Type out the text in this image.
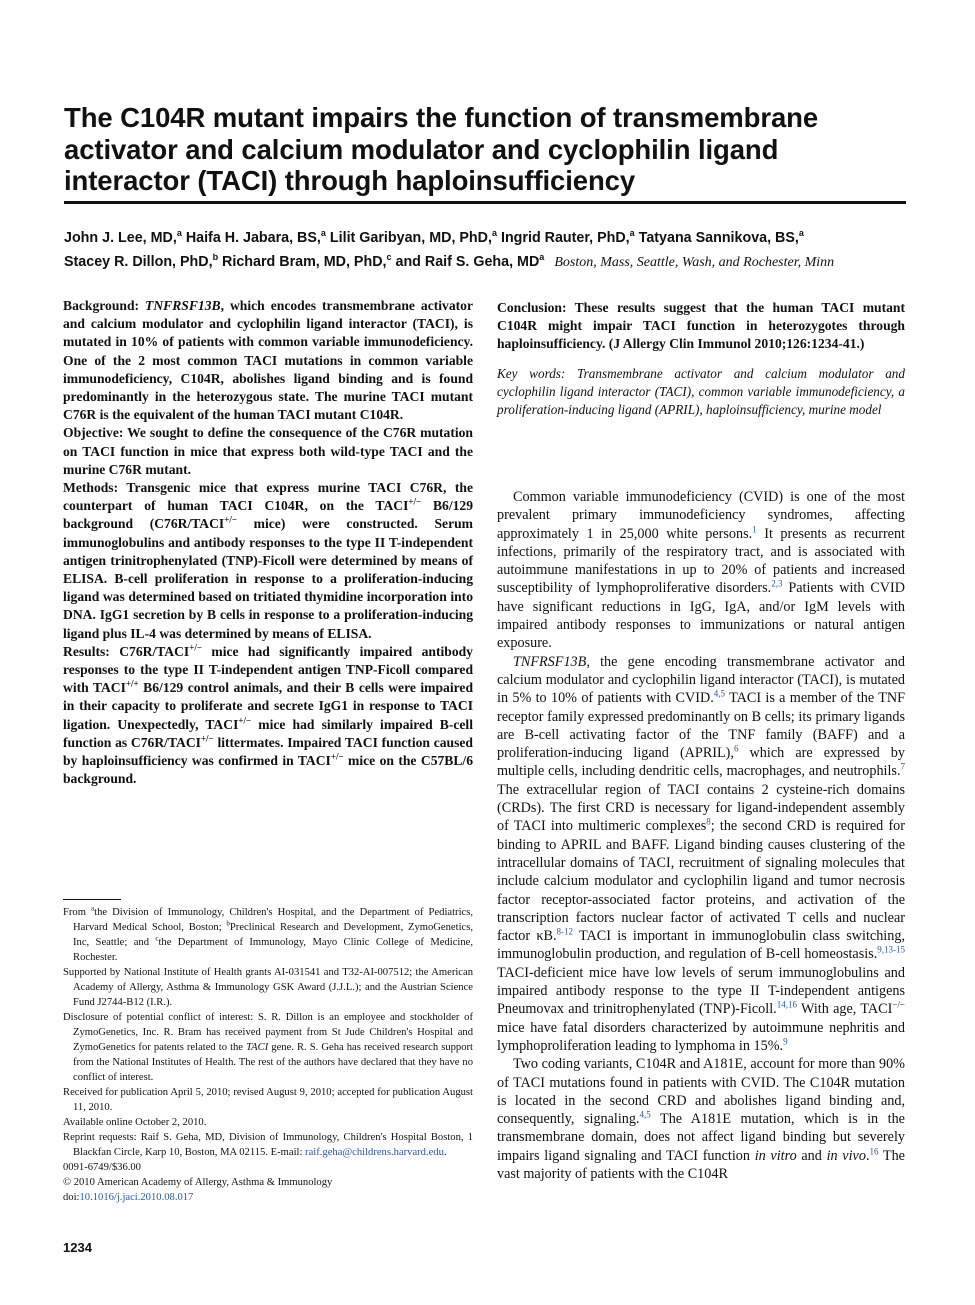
The C104R mutant impairs the function of transmembrane activator and calcium modulator and cyclophilin ligand interactor (TACI) through haploinsufficiency
John J. Lee, MD,$^a$ Haifa H. Jabara, BS,$^a$ Lilit Garibyan, MD, PhD,$^a$ Ingrid Rauter, PhD,$^a$ Tatyana Sannikova, BS,$^a$
Stacey R. Dillon, PhD,$^b$ Richard Bram, MD, PhD,$^c$ and Raif S. Geha, $MD^a$ Boston, Mass, Seattle, Wash, and Rochester, Minn

Background: TNFRSF13B, which encodes transmembrane activator and calcium modulator and cyclophilin ligand interactor (TACI), is mutated in 10% of patients with common variable immunodeficiency. One of the 2 most common TACI mutations in common variable immunodeficiency, C104R, abolishes ligand binding and is found predominantly in the heterozygous state. The murine TACI mutant C76R is the equivalent of the human TACI mutant C104R.

Objective: We sought to define the consequence of the C76R mutation on TACI function in mice that express both wild-type TACI and the murine C76R mutant.

Methods: Transgenic mice that express murine TACI C76R, the counterpart of human TACI C104R, on the TACI+/− B6/129 background (C76R/TACI+/− mice) were constructed. Serum immunoglobulins and antibody responses to the type II T-independent antigen trinitrophenylated (TNP)-Ficoll were determined by means of ELISA. B-cell proliferation in response to a proliferation-inducing ligand was determined based on tritiated thymidine incorporation into DNA. IgG1 secretion by B cells in response to a proliferation-inducing ligand plus IL-4 was determined by means of ELISA.

Results: C76R/TACI+/− mice had significantly impaired antibody responses to the type II T-independent antigen TNP-Ficoll compared with TACI+/+ B6/129 control animals, and their B cells were impaired in their capacity to proliferate and secrete IgG1 in response to TACI ligation. Unexpectedly, TACI+/− mice had similarly impaired B-cell function as C76R/TACI+/− littermates. Impaired TACI function caused by haploinsufficiency was confirmed in TACI+/− mice on the C57BL/6 background.

Conclusion: These results suggest that the human TACI mutant C104R might impair TACI function in heterozygotes through haploinsufficiency. (J Allergy Clin Immunol 2010;126:1234-41.)

Key words: Transmembrane activator and calcium modulator and cyclophilin ligand interactor (TACI), common variable immunodeficiency, a proliferation-inducing ligand (APRIL), haploinsufficiency, murine model

Common variable immunodeficiency (CVID) is one of the most prevalent primary immunodeficiency syndromes, affecting approximately 1 in 25,000 white persons.$^1$ It presents as recurrent infections, primarily of the respiratory tract, and is associated with autoimmune manifestations in up to 20% of patients and increased susceptibility of lymphoproliferative disorders.$^{2,3}$ Patients with CVID have significant reductions in IgG, IgA, and/or IgM levels with impaired antibody responses to immunizations or natural antigen exposure.

TNFRSF13B, the gene encoding transmembrane activator and calcium modulator and cyclophilin ligand interactor (TACI), is mutated in 5% to 10% of patients with CVID.$^{4,5}$ TACI is a member of the TNF receptor family expressed predominantly on B cells; its primary ligands are B-cell activating factor of the TNF family (BAFF) and a proliferation-inducing ligand (APRIL),$^6$ which are expressed by multiple cells, including dendritic cells, macrophages, and neutrophils.$^7$ The extracellular region of TACI contains 2 cysteine-rich domains (CRDs). The first CRD is necessary for ligand-independent assembly of TACI into multimeric complexes$^8$; the second CRD is required for binding to APRIL and BAFF. Ligand binding causes clustering of the intracellular domains of TACI, recruitment of signaling molecules that include calcium modulator and cyclophilin ligand and tumor necrosis factor receptor-associated factor proteins, and activation of the transcription factors nuclear factor of activated T cells and nuclear factor κB.$^{8-12}$ TACI is important in immunoglobulin class switching, immunoglobulin production, and regulation of B-cell homeostasis.$^{9,13-15}$ TACI-deficient mice have low levels of serum immunoglobulins and impaired antibody response to the type II T-independent antigens Pneumovax and trinitrophenylated (TNP)-Ficoll.$^{14,16}$ With age, TACI−/− mice have fatal disorders characterized by autoimmune nephritis and lymphoproliferation leading to lymphoma in 15%.$^9$

Two coding variants, C104R and A181E, account for more than 90% of TACI mutations found in patients with CVID. The C104R mutation is located in the second CRD and abolishes ligand binding and, consequently, signaling.$^{4,5}$ The A181E mutation, which is in the transmembrane domain, does not affect ligand binding but severely impairs ligand signaling and TACI function in vitro and in vivo.$^{16}$ The vast majority of patients with the C104R

From $^a$the Division of Immunology, Children's Hospital, and the Department of Pediatrics, Harvard Medical School, Boston; $^b$Preclinical Research and Development, ZymoGenetics, Inc, Seattle; and $^c$the Department of Immunology, Mayo Clinic College of Medicine, Rochester.

Supported by National Institute of Health grants AI-031541 and T32-AI-007512; the American Academy of Allergy, Asthma & Immunology GSK Award (J.J.L.); and the Austrian Science Fund J2744-B12 (I.R.).

Disclosure of potential conflict of interest: S. R. Dillon is an employee and stockholder of ZymoGenetics, Inc. R. Bram has received payment from St Jude Children's Hospital and ZymoGenetics for patents related to the TACI gene. R. S. Geha has received research support from the National Institutes of Health. The rest of the authors have declared that they have no conflict of interest.

Received for publication April 5, 2010; revised August 9, 2010; accepted for publication August 11, 2010.

Available online October 2, 2010.

Reprint requests: Raif S. Geha, MD, Division of Immunology, Children's Hospital Boston, 1 Blackfan Circle, Karp 10, Boston, MA 02115. E-mail: raif.geha@childrens.harvard.edu.

0091-6749/$36.00

© 2010 American Academy of Allergy, Asthma & Immunology

doi:10.1016/j.jaci.2010.08.017

1234
